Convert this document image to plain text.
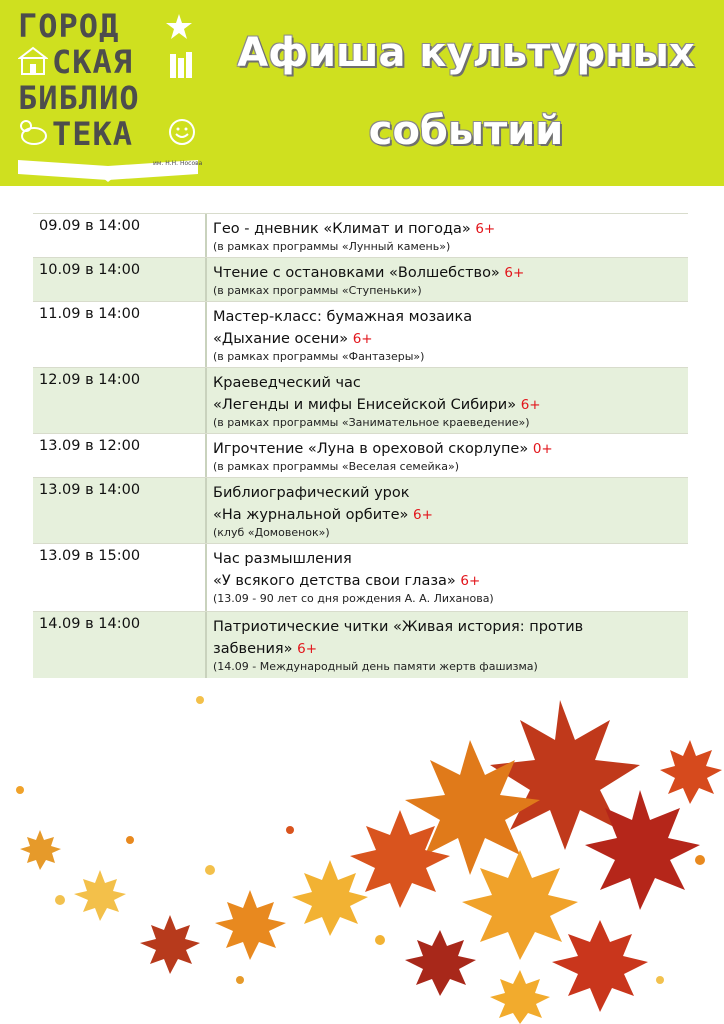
ГОРОД
СКАЯ
БИБЛИО
ТЕКА
им. Н.Н. Носова
Афиша культурных
событий
09.09 в 14:00	Гео - дневник «Климат и погода» 6+
(в рамках программы «Лунный камень»)
10.09 в 14:00	Чтение с остановками «Волшебство» 6+
(в рамках программы «Ступеньки»)
11.09 в 14:00	Мастер-класс: бумажная мозаика
«Дыхание осени» 6+
(в рамках программы «Фантазеры»)
12.09 в 14:00	Краеведческий час
«Легенды и мифы Енисейской Сибири» 6+
(в рамках программы «Занимательное краеведение»)
13.09 в 12:00	Игрочтение «Луна в ореховой скорлупе» 0+
(в рамках программы «Веселая семейка»)
13.09 в 14:00	Библиографический урок
«На журнальной орбите» 6+
(клуб «Домовенок»)
13.09 в 15:00	Час размышления
«У всякого детства свои глаза» 6+
(13.09 - 90 лет со дня рождения А. А. Лиханова)
14.09 в 14:00	Патриотические читки «Живая история: против
забвения» 6+
(14.09 - Международный день памяти жертв фашизма)
